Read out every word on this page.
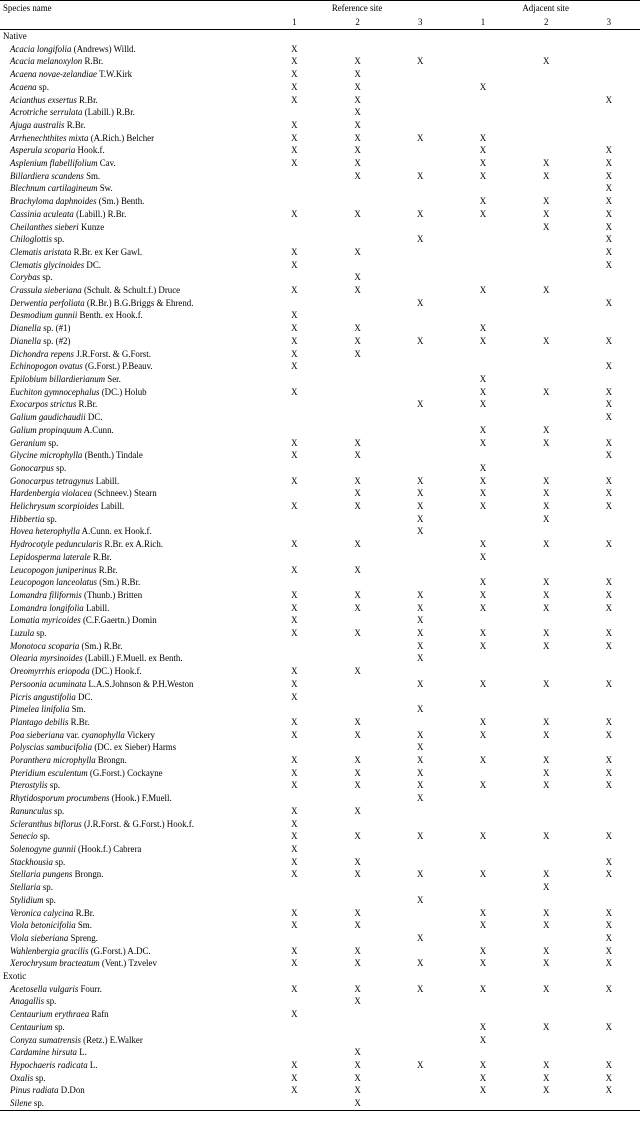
Species name	Reference site			Adjacent site		
	1	2	3	1	2	3
Native						
Acacia longifolia (Andrews) Willd.	X					
Acacia melanoxylon R.Br.	X	X	X		X	
Acaena novae-zelandiae T.W.Kirk	X	X				
Acaena sp.	X	X		X		
Acianthus exsertus R.Br.	X	X				X
Acrotriche serrulata (Labill.) R.Br.		X				
Ajuga australis R.Br.	X	X				
Arrhenechthites mixta (A.Rich.) Belcher	X	X	X	X		
Asperula scoparia Hook.f.	X	X		X		X
Asplenium flabellifolium Cav.	X	X		X	X	X
Billardiera scandens Sm.		X	X	X	X	X
Blechnum cartilagineum Sw.						X
Brachyloma daphnoides (Sm.) Benth.				X	X	X
Cassinia aculeata (Labill.) R.Br.	X	X	X	X	X	X
Cheilanthes sieberi Kunze					X	X
Chiloglottis sp.			X			X
Clematis aristata R.Br. ex Ker Gawl.	X	X				X
Clematis glycinoides DC.	X					X
Corybas sp.		X				
Crassula sieberiana (Schult. & Schult.f.) Druce	X	X		X	X	
Derwentia perfoliata (R.Br.) B.G.Briggs & Ehrend.			X			X
Desmodium gunnii Benth. ex Hook.f.	X					
Dianella sp. (#1)	X	X		X		
Dianella sp. (#2)	X	X	X	X	X	X
Dichondra repens J.R.Forst. & G.Forst.	X	X				
Echinopogon ovatus (G.Forst.) P.Beauv.	X					X
Epilobium billardierianum Ser.				X		
Euchiton gymnocephalus (DC.) Holub	X			X	X	X
Exocarpos strictus R.Br.			X	X		X
Galium gaudichaudii DC.						X
Galium propinquum A.Cunn.				X	X	
Geranium sp.	X	X		X	X	X
Glycine microphylla (Benth.) Tindale	X	X				X
Gonocarpus sp.				X		
Gonocarpus tetragynus Labill.	X	X	X	X	X	X
Hardenbergia violacea (Schneev.) Stearn		X	X	X	X	X
Helichrysum scorpioides Labill.	X	X	X	X	X	X
Hibbertia sp.			X		X	
Hovea heterophylla A.Cunn. ex Hook.f.			X			
Hydrocotyle peduncularis R.Br. ex A.Rich.	X	X		X	X	X
Lepidosperma laterale R.Br.				X		
Leucopogon juniperinus R.Br.	X	X				
Leucopogon lanceolatus (Sm.) R.Br.				X	X	X
Lomandra filiformis (Thunb.) Britten	X	X	X	X	X	X
Lomandra longifolia Labill.	X	X	X	X	X	X
Lomatia myricoides (C.F.Gaertn.) Domin	X		X			
Luzula sp.	X	X	X	X	X	X
Monotoca scoparia (Sm.) R.Br.			X	X	X	X
Olearia myrsinoides (Labill.) F.Muell. ex Benth.			X			
Oreomyrrhis eriopoda (DC.) Hook.f.	X	X				
Persoonia acuminata L.A.S.Johnson & P.H.Weston	X		X	X	X	X
Picris angustifolia DC.	X					
Pimelea linifolia Sm.			X			
Plantago debilis R.Br.	X	X		X	X	X
Poa sieberiana var. cyanophylla Vickery	X	X	X	X	X	X
Polyscias sambucifolia (DC. ex Sieber) Harms			X			
Poranthera microphylla Brongn.	X	X	X	X	X	X
Pteridium esculentum (G.Forst.) Cockayne	X	X	X		X	X
Pterostylis sp.	X	X	X	X	X	X
Rhytidosporum procumbens (Hook.) F.Muell.			X			
Ranunculus sp.	X	X				
Scleranthus biflorus (J.R.Forst. & G.Forst.) Hook.f.	X					
Senecio sp.	X	X	X	X	X	X
Solenogyne gunnii (Hook.f.) Cabrera	X					
Stackhousia sp.	X	X				X
Stellaria pungens Brongn.	X	X	X	X	X	X
Stellaria sp.					X	
Stylidium sp.			X			
Veronica calycina R.Br.	X	X		X	X	X
Viola betonicifolia Sm.	X	X		X	X	X
Viola sieberiana Spreng.			X			X
Wahlenbergia gracilis (G.Forst.) A.DC.	X	X		X	X	X
Xerochrysum bracteatum (Vent.) Tzvelev	X	X	X	X	X	X
Exotic						
Acetosella vulgaris Fourr.	X	X	X	X	X	X
Anagallis sp.		X				
Centaurium erythraea Rafn	X					
Centaurium sp.				X	X	X
Conyza sumatrensis (Retz.) E.Walker				X		
Cardamine hirsuta L.		X				
Hypochaeris radicata L.	X	X	X	X	X	X
Oxalis sp.	X	X		X	X	X
Pinus radiata D.Don	X	X		X	X	X
Silene sp.		X				
